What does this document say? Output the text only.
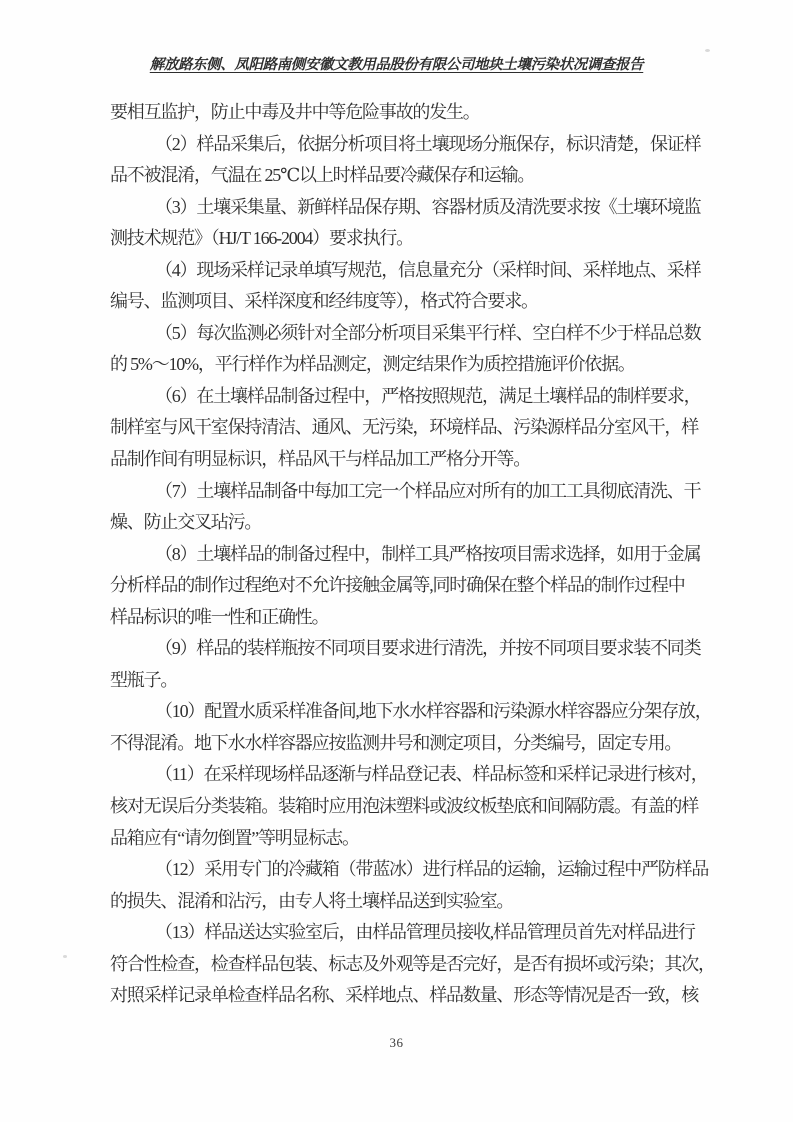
解放路东侧、凤阳路南侧安徽文教用品股份有限公司地块土壤污染状况调查报告
要相互监护，防止中毒及井中等危险事故的发生。
（2）样品采集后，依据分析项目将土壤现场分瓶保存，标识清楚，保证样
品不被混淆，气温在 25℃以上时样品要冷藏保存和运输。
（3）土壤采集量、新鲜样品保存期、容器材质及清洗要求按《土壤环境监
测技术规范》（HJ/T 166-2004）要求执行。
（4）现场采样记录单填写规范，信息量充分（采样时间、采样地点、采样
编号、监测项目、采样深度和经纬度等），格式符合要求。
（5）每次监测必须针对全部分析项目采集平行样、空白样不少于样品总数
的 5%～10%，平行样作为样品测定，测定结果作为质控措施评价依据。
（6）在土壤样品制备过程中，严格按照规范，满足土壤样品的制样要求，
制样室与风干室保持清洁、通风、无污染，环境样品、污染源样品分室风干，样
品制作间有明显标识，样品风干与样品加工严格分开等。
（7）土壤样品制备中每加工完一个样品应对所有的加工工具彻底清洗、干
燥、防止交叉玷污。
（8）土壤样品的制备过程中，制样工具严格按项目需求选择，如用于金属
分析样品的制作过程绝对不允许接触金属等,同时确保在整个样品的制作过程中
样品标识的唯一性和正确性。
（9）样品的装样瓶按不同项目要求进行清洗，并按不同项目要求装不同类
型瓶子。
（10）配置水质采样准备间,地下水水样容器和污染源水样容器应分架存放，
不得混淆。地下水水样容器应按监测井号和测定项目，分类编号，固定专用。
（11）在采样现场样品逐渐与样品登记表、样品标签和采样记录进行核对，
核对无误后分类装箱。装箱时应用泡沫塑料或波纹板垫底和间隔防震。有盖的样
品箱应有“请勿倒置”等明显标志。
（12）采用专门的冷藏箱（带蓝冰）进行样品的运输，运输过程中严防样品
的损失、混淆和沾污，由专人将土壤样品送到实验室。
（13）样品送达实验室后，由样品管理员接收,样品管理员首先对样品进行
符合性检查，检查样品包装、标志及外观等是否完好，是否有损坏或污染；其次，
对照采样记录单检查样品名称、采样地点、样品数量、形态等情况是否一致，核
36
